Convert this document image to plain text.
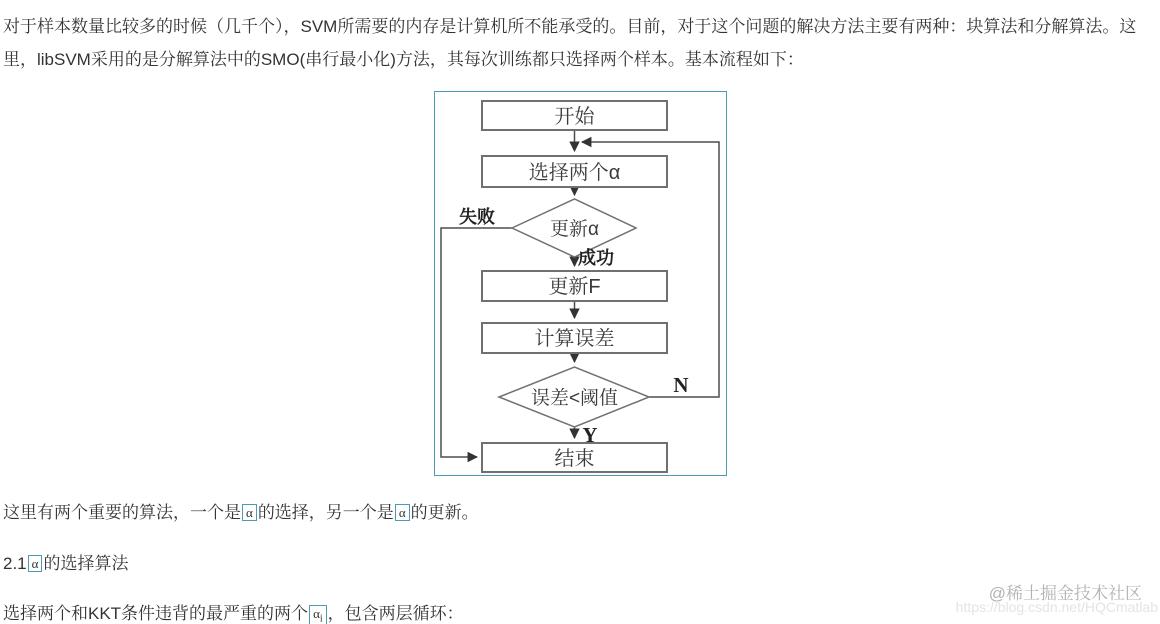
对于样本数量比较多的时候（几千个），SVM所需要的内存是计算机所不能承受的。目前，对于这个问题的解决方法主要有两种：块算法和分解算法。这里，libSVM采用的是分解算法中的SMO(串行最小化)方法，其每次训练都只选择两个样本。基本流程如下：

开始
选择两个α
更新α
更新F
计算误差
误差<阈值
结束
失败
成功
N
Y

这里有两个重要的算法，一个是 α 的选择，另一个是 α 的更新。

2.1 α 的选择算法

选择两个和KKT条件违背的最严重的两个 $\alpha_i$ ，包含两层循环：	https://blog.csdn.net/HQCmatlab
@稀土掘金技术社区
